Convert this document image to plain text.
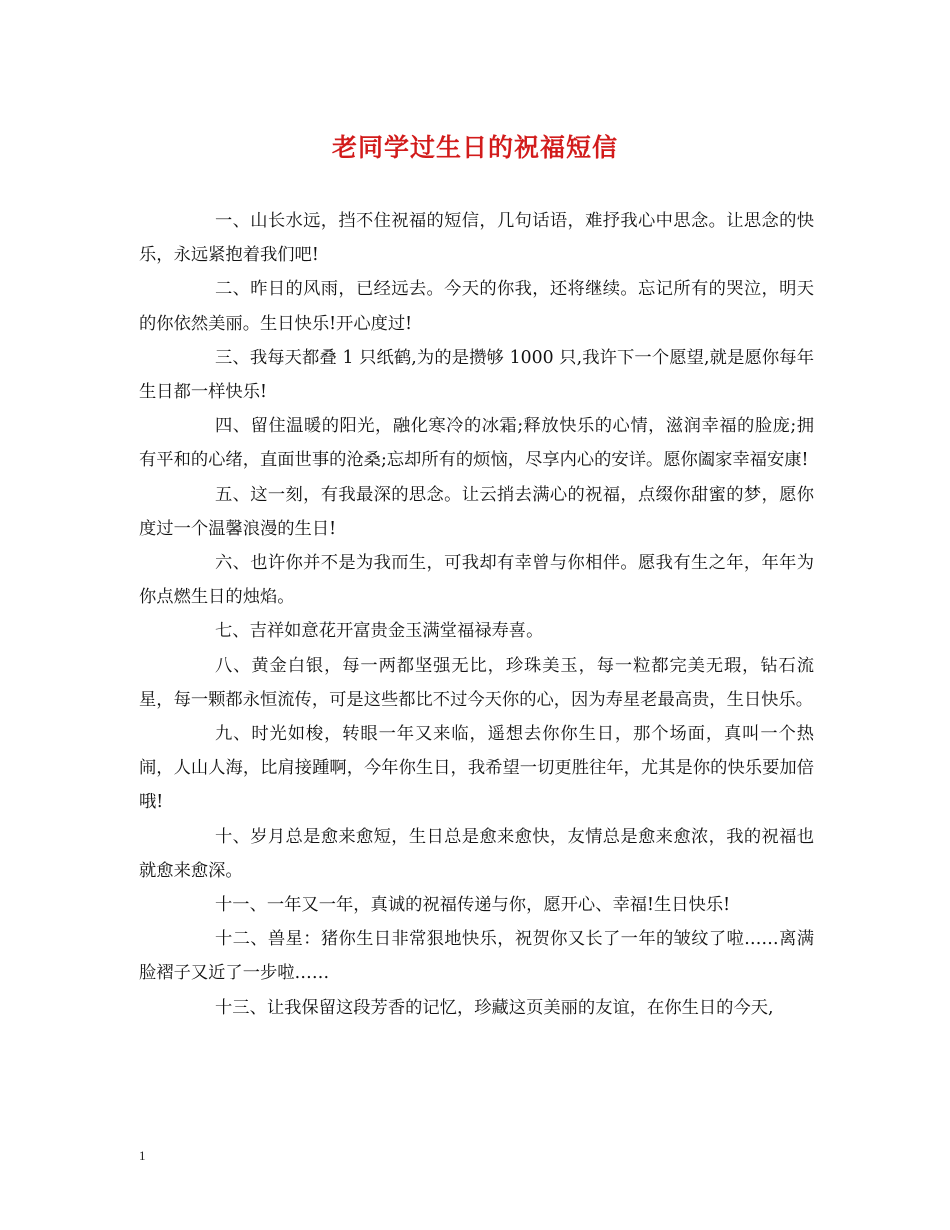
老同学过生日的祝福短信

一、山长水远，挡不住祝福的短信，几句话语，难抒我心中思念。让思念的快乐，永远紧抱着我们吧!

二、昨日的风雨，已经远去。今天的你我，还将继续。忘记所有的哭泣，明天的你依然美丽。生日快乐!开心度过!

三、我每天都叠 1 只纸鹤,为的是攒够 1000 只,我许下一个愿望,就是愿你每年生日都一样快乐!

四、留住温暖的阳光，融化寒冷的冰霜;释放快乐的心情，滋润幸福的脸庞;拥有平和的心绪，直面世事的沧桑;忘却所有的烦恼，尽享内心的安详。愿你阖家幸福安康!

五、这一刻，有我最深的思念。让云捎去满心的祝福，点缀你甜蜜的梦，愿你度过一个温馨浪漫的生日!

六、也许你并不是为我而生，可我却有幸曾与你相伴。愿我有生之年，年年为你点燃生日的烛焰。

七、吉祥如意花开富贵金玉满堂福禄寿喜。

八、黄金白银，每一两都坚强无比，珍珠美玉，每一粒都完美无瑕，钻石流星，每一颗都永恒流传，可是这些都比不过今天你的心，因为寿星老最高贵，生日快乐。

九、时光如梭，转眼一年又来临，遥想去你你生日，那个场面，真叫一个热闹，人山人海，比肩接踵啊，今年你生日，我希望一切更胜往年，尤其是你的快乐要加倍哦!

十、岁月总是愈来愈短，生日总是愈来愈快，友情总是愈来愈浓，我的祝福也就愈来愈深。

十一、一年又一年，真诚的祝福传递与你，愿开心、幸福!生日快乐!

十二、兽星：猪你生日非常狠地快乐，祝贺你又长了一年的皱纹了啦……离满脸褶子又近了一步啦……

十三、让我保留这段芳香的记忆，珍藏这页美丽的友谊，在你生日的今天,

1
